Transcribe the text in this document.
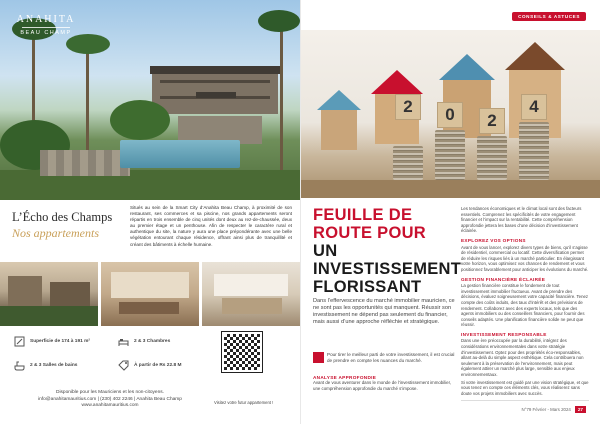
ANAHITA
BEAU CHAMP
L’Écho des Champs
Nos appartements

Situés au sein de la Smart City d’Anahita Beau Champ, à proximité de son restaurant, ses commerces et sa piscine, nos grands appartements seront répartis en trois ensemble de cinq unités dont deux au rez-de-chaussée, deux au premier étage et un penthouse. Afin de respecter le caractère rural et authentique du site, la nature y aura une place prépondérante avec une belle végétation entourant chaque résidence, offrant ainsi plus de tranquillité et créant des bâtiments à échelle humaine.

Superficie de 174 à 191 m²	2 & 3 Chambres
2 & 3 Salles de bains	À partir de Rs 22.8 M
Visitez votre futur appartement !
Disponible pour les Mauriciens et les non-citoyens.
info@anahitamauritius.com | (230) 402 2246 | Anahita Beau Champ
www.anahitamauritius.com
CONSEILS & ASTUCES
2	0	2
4
FEUILLE DE
ROUTE POUR UN
INVESTISSEMENT
FLORISSANT

Dans l’effervescence du marché immobilier mauricien, ce ne sont pas les opportunités qui manquent. Réussir son investissement ne dépend pas seulement du financier, mais aussi d’une approche réfléchie et stratégique.

Pour tirer le meilleur parti de votre investissement, il est crucial de prendre en compte les nuances du marché.
ANALYSE APPROFONDIE
Avant de vous aventurer dans le monde de l’investissement immobilier, une compréhension approfondie du marché s’impose.

Les tendances économiques et le climat local sont des facteurs essentiels. Comprenez les spécificités de votre engagement financier et l’impact sur la rentabilité. Cette compréhension approfondie jettera les bases d’une décision d’investissement éclairée.

EXPLOREZ VOS OPTIONS

Avant de vous lancer, explorez divers types de biens, qu’il s’agisse de résidentiel, commercial ou locatif. Cette diversification permet de réduire les risques liés à un marché particulier. En élargissant votre horizon, vous optimisez vos chances de rendement et vous positionnez favorablement pour anticiper les évolutions du marché.

GESTION FINANCIÈRE ÉCLAIRÉE

La gestion financière constitue le fondement de tout investissement immobilier fructueux. Avant de prendre des décisions, évaluez soigneusement votre capacité financière. Tenez compte des coûts induits, des taux d’intérêt et des prévisions de rendement. Collaborez avec des experts locaux, tels que des agents immobiliers ou des conseillers financiers, pour fournir des conseils adaptés. Une planification financière solide ne peut que réussir.

INVESTISSEMENT RESPONSABLE

Dans une ère préoccupée par la durabilité, intégrez des considérations environnementales dans votre stratégie d’investissement. Optez pour des propriétés éco-responsables, allant au-delà du simple aspect esthétique. Cela contribuera non seulement à la préservation de l’environnement, mais peut également attirer un marché plus large, sensible aux enjeux environnementaux.

Si votre investissement est guidé par une vision stratégique, et que vous tenez en compte ces éléments clés, vous réaliserez sans doute vos projets immobiliers avec succès.

N°79 Février - Mars 2024	27
